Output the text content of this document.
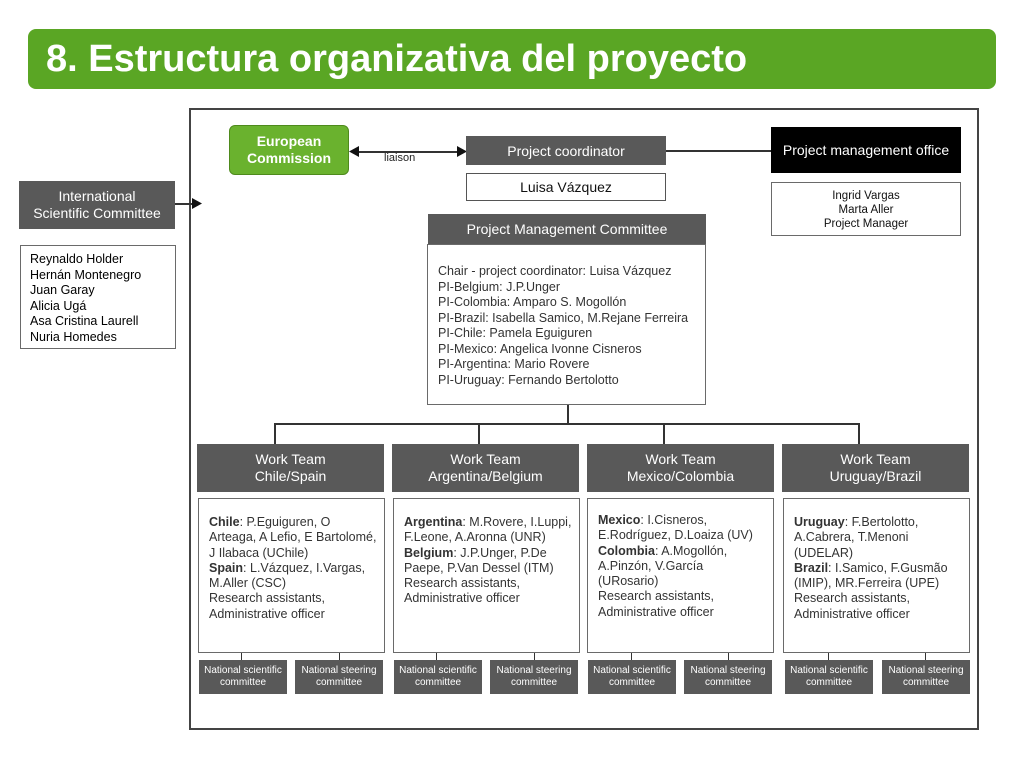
8. Estructura organizativa del proyecto
European
Commission	liaison	Project coordinator
Luisa Vázquez
Project management office
Ingrid Vargas
Marta Aller
Project Manager
International
Scientific Committee
Reynaldo Holder
Hernán Montenegro
Juan Garay
Alicia Ugá
Asa Cristina Laurell
Nuria Homedes
Project Management Committee
Chair - project coordinator: Luisa Vázquez
PI-Belgium: J.P.Unger
PI-Colombia: Amparo S. Mogollón
PI-Brazil: Isabella Samico, M.Rejane Ferreira
PI-Chile: Pamela Eguiguren
PI-Mexico: Angelica Ivonne Cisneros
PI-Argentina: Mario Rovere
PI-Uruguay: Fernando Bertolotto
Work Team
Chile/Spain
Chile: P.Eguiguren, O Arteaga, A Lefio, E Bartolomé, J Ilabaca (UChile)
Spain: L.Vázquez, I.Vargas, M.Aller (CSC)
Research assistants, Administrative officer
National scientific committee
National steering committee
Work Team
Argentina/Belgium
Argentina: M.Rovere, I.Luppi, F.Leone, A.Aronna (UNR)
Belgium: J.P.Unger, P.De Paepe, P.Van Dessel (ITM)
Research assistants, Administrative officer
National scientific committee
National steering committee
Work Team
Mexico/Colombia
Mexico: I.Cisneros, E.Rodríguez, D.Loaiza (UV)
Colombia: A.Mogollón, A.Pinzón, V.García (URosario)
Research assistants, Administrative officer
National scientific committee
National steering committee
Work Team
Uruguay/Brazil
Uruguay: F.Bertolotto, A.Cabrera, T.Menoni (UDELAR)
Brazil: I.Samico, F.Gusmão (IMIP), MR.Ferreira (UPE)
Research assistants, Administrative officer
National scientific committee
National steering committee
